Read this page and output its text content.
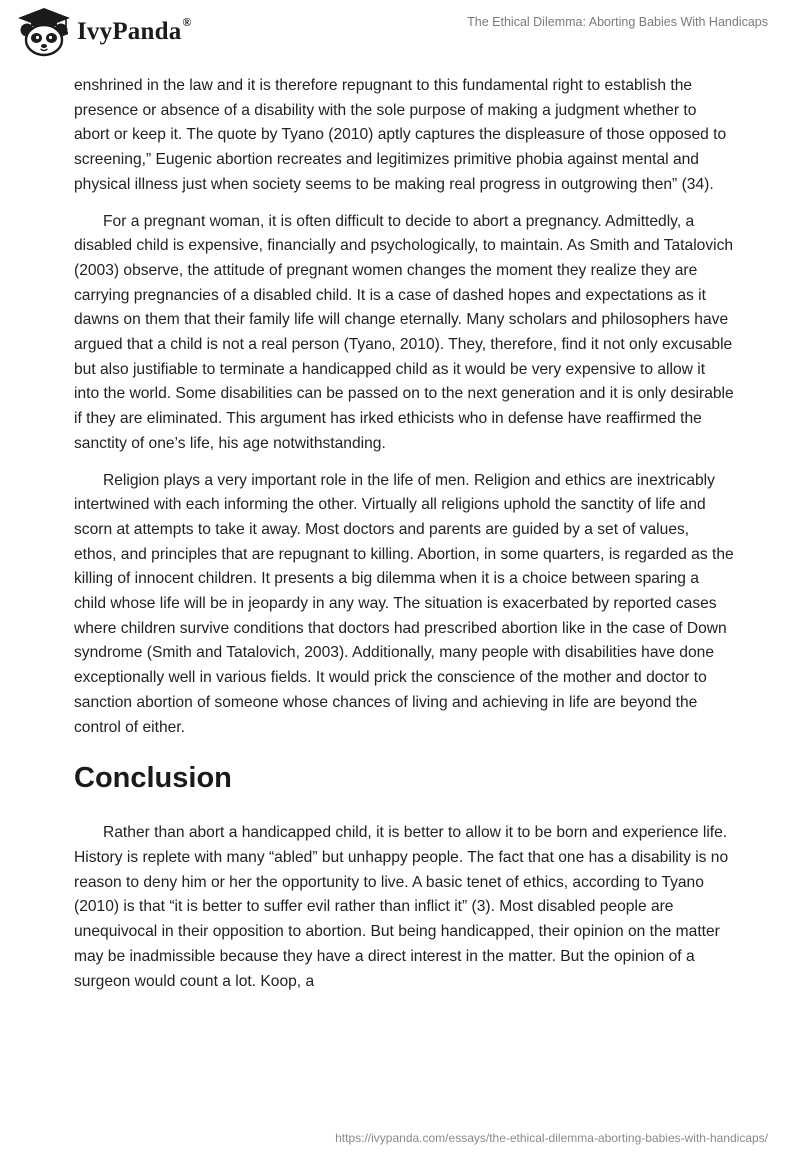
IvyPanda®	The Ethical Dilemma: Aborting Babies With Handicaps

enshrined in the law and it is therefore repugnant to this fundamental right to establish the presence or absence of a disability with the sole purpose of making a judgment whether to abort or keep it. The quote by Tyano (2010) aptly captures the displeasure of those opposed to screening,” Eugenic abortion recreates and legitimizes primitive phobia against mental and physical illness just when society seems to be making real progress in outgrowing then” (34).

For a pregnant woman, it is often difficult to decide to abort a pregnancy. Admittedly, a disabled child is expensive, financially and psychologically, to maintain. As Smith and Tatalovich (2003) observe, the attitude of pregnant women changes the moment they realize they are carrying pregnancies of a disabled child. It is a case of dashed hopes and expectations as it dawns on them that their family life will change eternally. Many scholars and philosophers have argued that a child is not a real person (Tyano, 2010). They, therefore, find it not only excusable but also justifiable to terminate a handicapped child as it would be very expensive to allow it into the world. Some disabilities can be passed on to the next generation and it is only desirable if they are eliminated. This argument has irked ethicists who in defense have reaffirmed the sanctity of one’s life, his age notwithstanding.

Religion plays a very important role in the life of men. Religion and ethics are inextricably intertwined with each informing the other. Virtually all religions uphold the sanctity of life and scorn at attempts to take it away. Most doctors and parents are guided by a set of values, ethos, and principles that are repugnant to killing. Abortion, in some quarters, is regarded as the killing of innocent children. It presents a big dilemma when it is a choice between sparing a child whose life will be in jeopardy in any way. The situation is exacerbated by reported cases where children survive conditions that doctors had prescribed abortion like in the case of Down syndrome (Smith and Tatalovich, 2003). Additionally, many people with disabilities have done exceptionally well in various fields. It would prick the conscience of the mother and doctor to sanction abortion of someone whose chances of living and achieving in life are beyond the control of either.

Conclusion

Rather than abort a handicapped child, it is better to allow it to be born and experience life. History is replete with many “abled” but unhappy people. The fact that one has a disability is no reason to deny him or her the opportunity to live. A basic tenet of ethics, according to Tyano (2010) is that “it is better to suffer evil rather than inflict it” (3). Most disabled people are unequivocal in their opposition to abortion. But being handicapped, their opinion on the matter may be inadmissible because they have a direct interest in the matter. But the opinion of a surgeon would count a lot. Koop, a

https://ivypanda.com/essays/the-ethical-dilemma-aborting-babies-with-handicaps/
